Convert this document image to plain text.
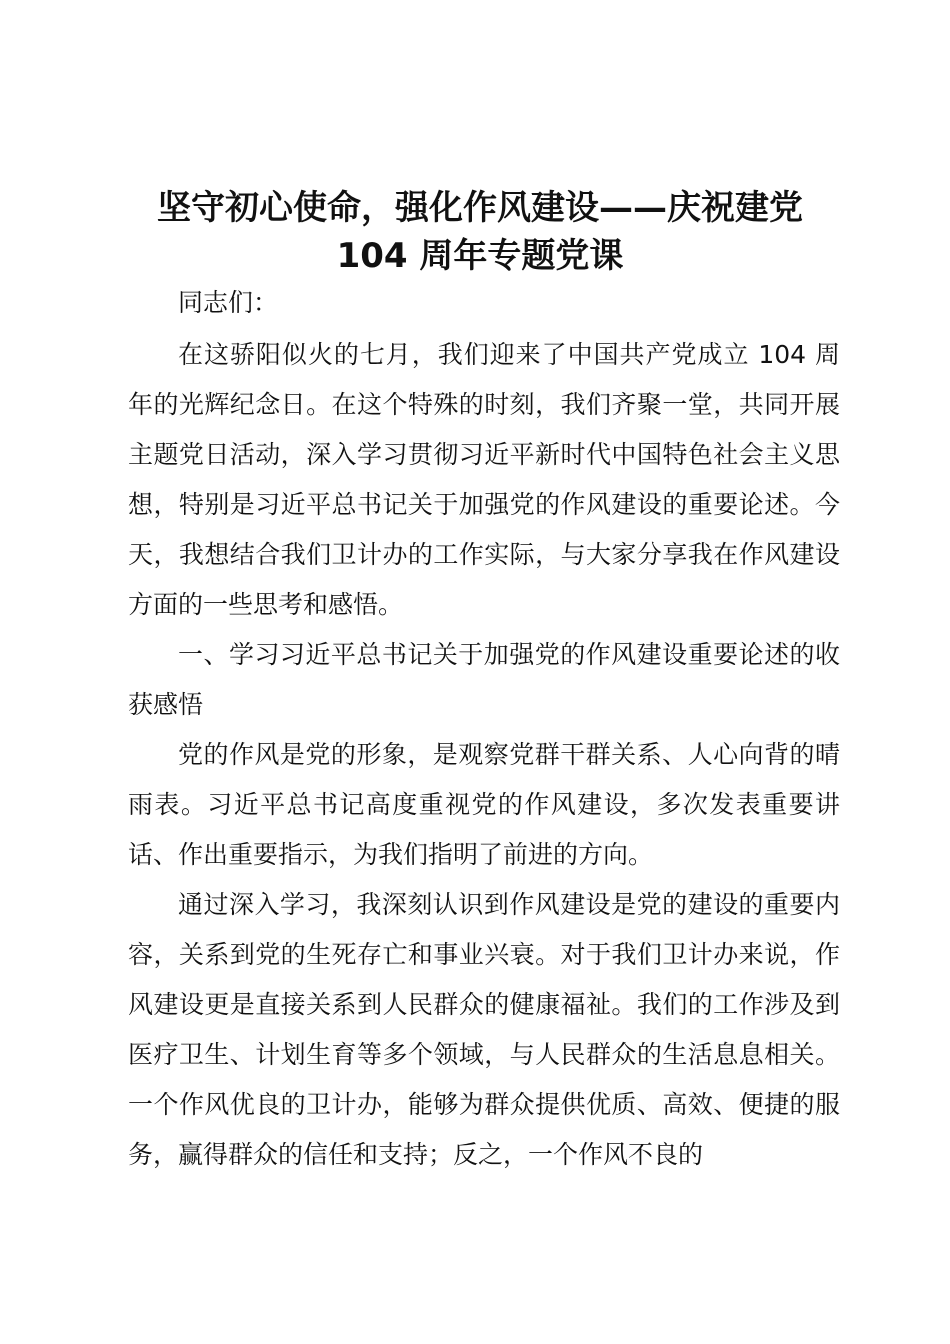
坚守初心使命，强化作风建设——庆祝建党
104 周年专题党课

同志们：

在这骄阳似火的七月，我们迎来了中国共产党成立 104 周年的光辉纪念日。在这个特殊的时刻，我们齐聚一堂，共同开展主题党日活动，深入学习贯彻习近平新时代中国特色社会主义思想，特别是习近平总书记关于加强党的作风建设的重要论述。今天，我想结合我们卫计办的工作实际，与大家分享我在作风建设方面的一些思考和感悟。

一、学习习近平总书记关于加强党的作风建设重要论述的收获感悟

党的作风是党的形象，是观察党群干群关系、人心向背的晴雨表。习近平总书记高度重视党的作风建设，多次发表重要讲话、作出重要指示，为我们指明了前进的方向。

通过深入学习，我深刻认识到作风建设是党的建设的重要内容，关系到党的生死存亡和事业兴衰。对于我们卫计办来说，作风建设更是直接关系到人民群众的健康福祉。我们的工作涉及到医疗卫生、计划生育等多个领域，与人民群众的生活息息相关。一个作风优良的卫计办，能够为群众提供优质、高效、便捷的服务，赢得群众的信任和支持；反之，一个作风不良的
